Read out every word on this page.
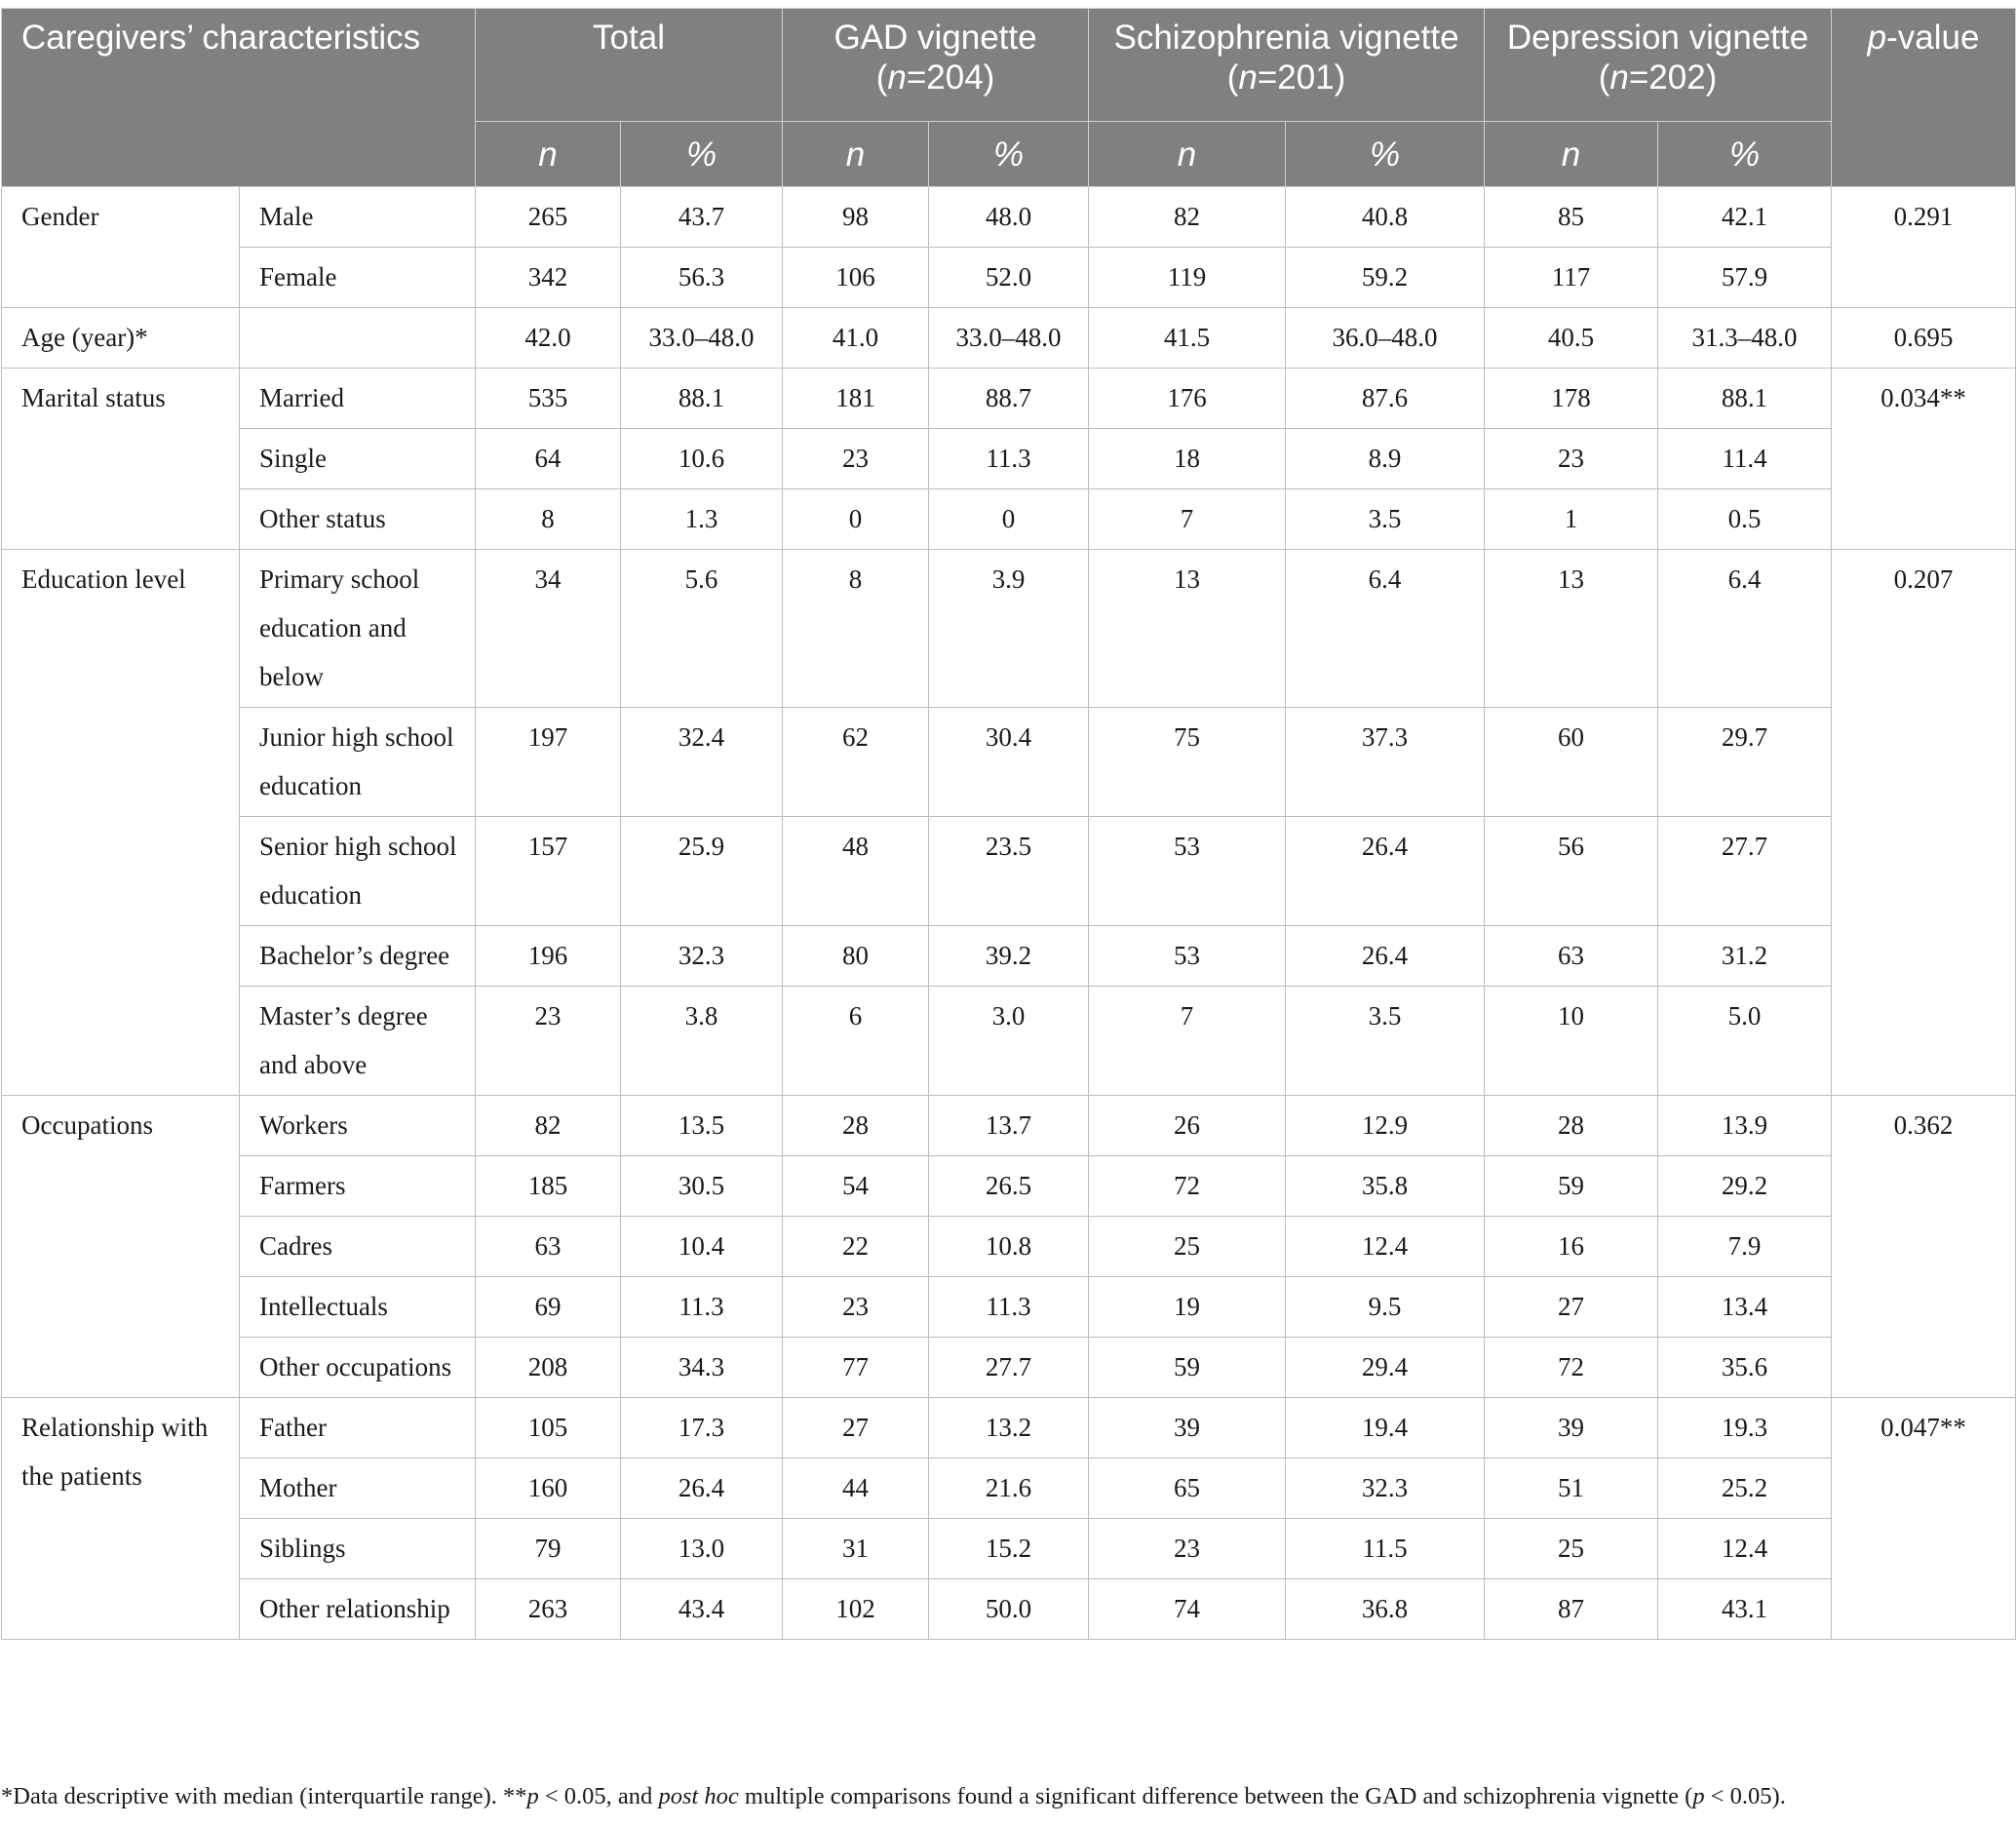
Caregivers’ characteristics		Total		GAD vignette (n=204)		Schizophrenia vignette (n=201)		Depression vignette (n=202)		p-value
		n	%	n	%	n	%	n	%	
Gender	Male	265	43.7	98	48.0	82	40.8	85	42.1	0.291
	Female	342	56.3	106	52.0	119	59.2	117	57.9	
Age (year)*		42.0	33.0–48.0	41.0	33.0–48.0	41.5	36.0–48.0	40.5	31.3–48.0	0.695
Marital status	Married	535	88.1	181	88.7	176	87.6	178	88.1	0.034**
	Single	64	10.6	23	11.3	18	8.9	23	11.4	
	Other status	8	1.3	0	0	7	3.5	1	0.5	
Education level	Primary school education and below	34	5.6	8	3.9	13	6.4	13	6.4	0.207
	Junior high school education	197	32.4	62	30.4	75	37.3	60	29.7	
	Senior high school education	157	25.9	48	23.5	53	26.4	56	27.7	
	Bachelor’s degree	196	32.3	80	39.2	53	26.4	63	31.2	
	Master’s degree and above	23	3.8	6	3.0	7	3.5	10	5.0	
Occupations	Workers	82	13.5	28	13.7	26	12.9	28	13.9	0.362
	Farmers	185	30.5	54	26.5	72	35.8	59	29.2	
	Cadres	63	10.4	22	10.8	25	12.4	16	7.9	
	Intellectuals	69	11.3	23	11.3	19	9.5	27	13.4	
	Other occupations	208	34.3	77	27.7	59	29.4	72	35.6	
Relationship with the patients	Father	105	17.3	27	13.2	39	19.4	39	19.3	0.047**
	Mother	160	26.4	44	21.6	65	32.3	51	25.2	
	Siblings	79	13.0	31	15.2	23	11.5	25	12.4	
	Other relationship	263	43.4	102	50.0	74	36.8	87	43.1	
*Data descriptive with median (interquartile range). **p < 0.05, and post hoc multiple comparisons found a significant difference between the GAD and schizophrenia vignette (p < 0.05).
